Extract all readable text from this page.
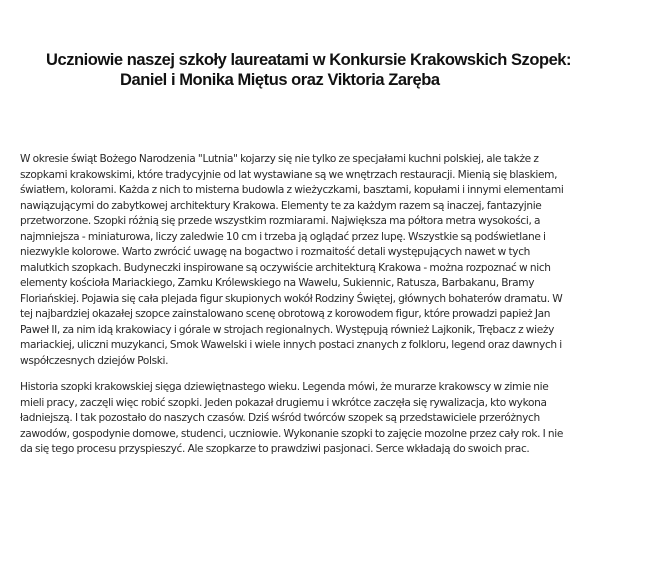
Uczniowie naszej szkoły laureatami w Konkursie Krakowskich Szopek:
Daniel i Monika Miętus oraz Viktoria Zaręba

W okresie świąt Bożego Narodzenia "Lutnia" kojarzy się nie tylko ze specjałami kuchni polskiej, ale także z
szopkami krakowskimi, które tradycyjnie od lat wystawiane są we wnętrzach restauracji. Mienią się blaskiem,
światłem, kolorami. Każda z nich to misterna budowla z wieżyczkami, basztami, kopułami i innymi elementami
nawiązującymi do zabytkowej architektury Krakowa. Elementy te za każdym razem są inaczej, fantazyjnie
przetworzone. Szopki różnią się przede wszystkim rozmiarami. Największa ma półtora metra wysokości, a
najmniejsza - miniaturowa, liczy zaledwie 10 cm i trzeba ją oglądać przez lupę. Wszystkie są podświetlane i
niezwykle kolorowe. Warto zwrócić uwagę na bogactwo i rozmaitość detali występujących nawet w tych
malutkich szopkach. Budyneczki inspirowane są oczywiście architekturą Krakowa - można rozpoznać w nich
elementy kościoła Mariackiego, Zamku Królewskiego na Wawelu, Sukiennic, Ratusza, Barbakanu, Bramy
Floriańskiej. Pojawia się cała plejada figur skupionych wokół Rodziny Świętej, głównych bohaterów dramatu. W
tej najbardziej okazałej szopce zainstalowano scenę obrotową z korowodem figur, które prowadzi papież Jan
Paweł II, za nim idą krakowiacy i górale w strojach regionalnych. Występują również Lajkonik, Trębacz z wieży
mariackiej, uliczni muzykanci, Smok Wawelski i wiele innych postaci znanych z folkloru, legend oraz dawnych i
współczesnych dziejów Polski.

Historia szopki krakowskiej sięga dziewiętnastego wieku. Legenda mówi, że murarze krakowscy w zimie nie
mieli pracy, zaczęli więc robić szopki. Jeden pokazał drugiemu i wkrótce zaczęła się rywalizacja, kto wykona
ładniejszą. I tak pozostało do naszych czasów. Dziś wśród twórców szopek są przedstawiciele przeróżnych
zawodów, gospodynie domowe, studenci, uczniowie. Wykonanie szopki to zajęcie mozolne przez cały rok. I nie
da się tego procesu przyspieszyć. Ale szopkarze to prawdziwi pasjonaci. Serce wkładają do swoich prac.
